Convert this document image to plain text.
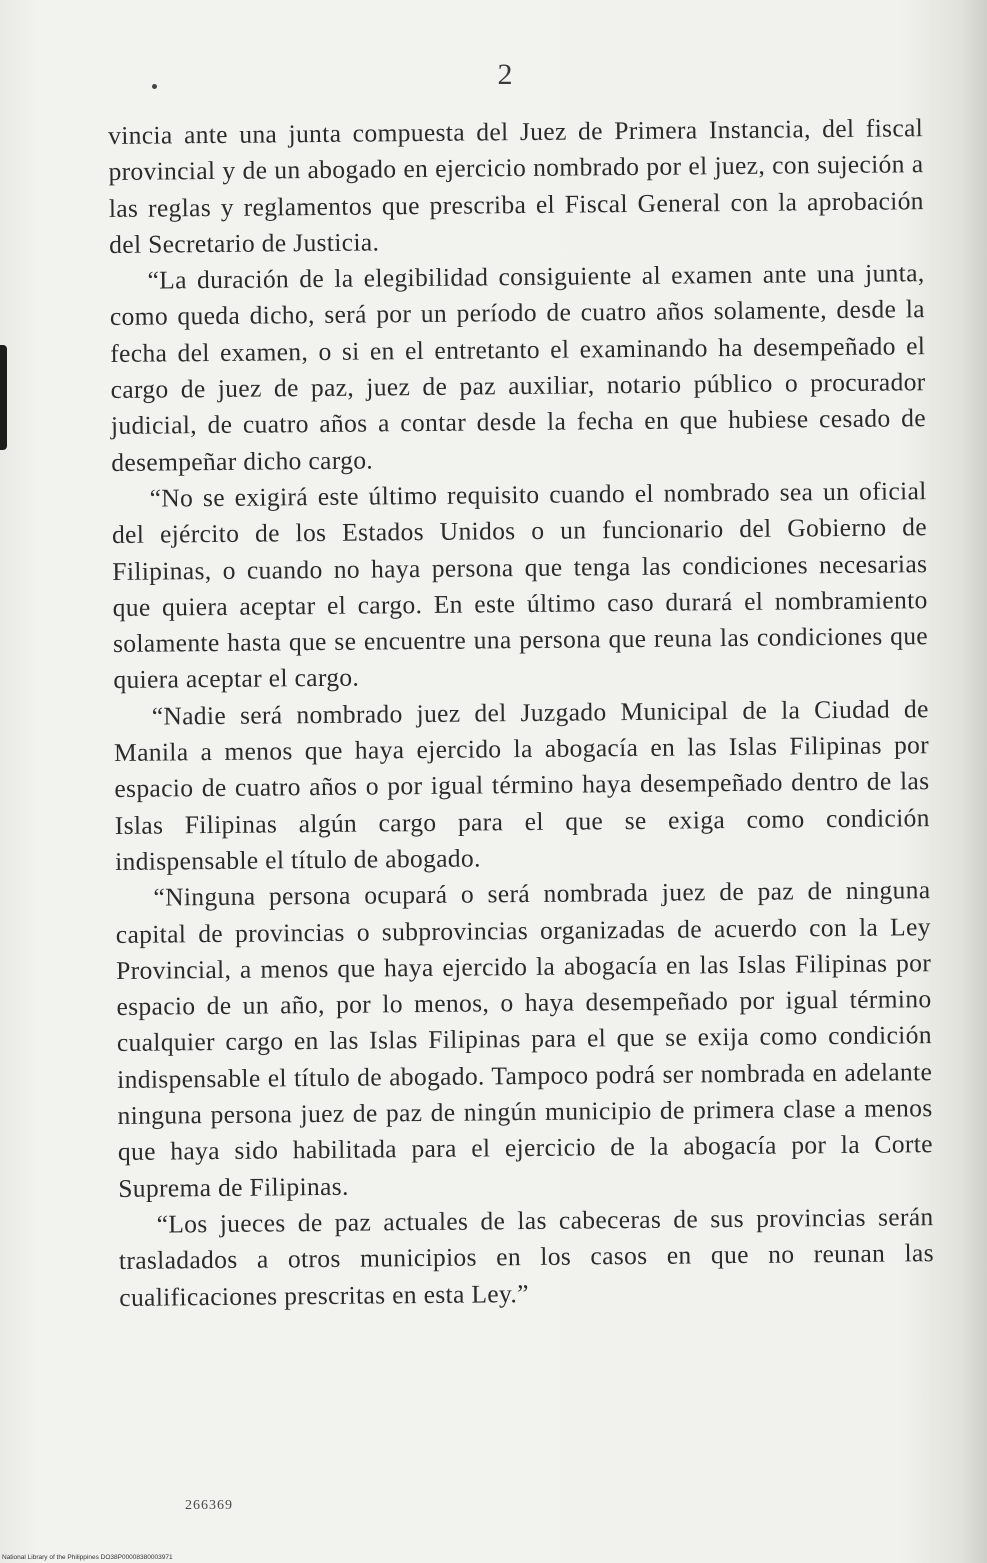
2

vincia ante una junta compuesta del Juez de Primera Instancia, del fiscal provincial y de un abogado en ejercicio nombrado por el juez, con sujeción a las reglas y reglamentos que prescriba el Fiscal General con la aprobación del Secretario de Justicia.

“La duración de la elegibilidad consiguiente al examen ante una junta, como queda dicho, será por un período de cuatro años solamente, desde la fecha del examen, o si en el entretanto el examinando ha desempeñado el cargo de juez de paz, juez de paz auxiliar, notario público o procurador judicial, de cuatro años a contar desde la fecha en que hubiese cesado de desempeñar dicho cargo.

“No se exigirá este último requisito cuando el nombrado sea un oficial del ejército de los Estados Unidos o un funcionario del Gobierno de Filipinas, o cuando no haya persona que tenga las condiciones necesarias que quiera aceptar el cargo. En este último caso durará el nombramiento solamente hasta que se encuentre una persona que reuna las condiciones que quiera aceptar el cargo.

“Nadie será nombrado juez del Juzgado Municipal de la Ciudad de Manila a menos que haya ejercido la abogacía en las Islas Filipinas por espacio de cuatro años o por igual término haya desempeñado dentro de las Islas Filipinas algún cargo para el que se exiga como condición indispensable el título de abogado.

“Ninguna persona ocupará o será nombrada juez de paz de ninguna capital de provincias o subprovincias organizadas de acuerdo con la Ley Provincial, a menos que haya ejercido la abogacía en las Islas Filipinas por espacio de un año, por lo menos, o haya desempeñado por igual término cualquier cargo en las Islas Filipinas para el que se exija como condición indispensable el título de abogado. Tampoco podrá ser nombrada en adelante ninguna persona juez de paz de ningún municipio de primera clase a menos que haya sido habilitada para el ejercicio de la abogacía por la Corte Suprema de Filipinas.

“Los jueces de paz actuales de las cabeceras de sus provincias serán trasladados a otros municipios en los casos en que no reunan las cualificaciones prescritas en esta Ley.”

266369
National Library of the Philippines DO38P00008380003971
